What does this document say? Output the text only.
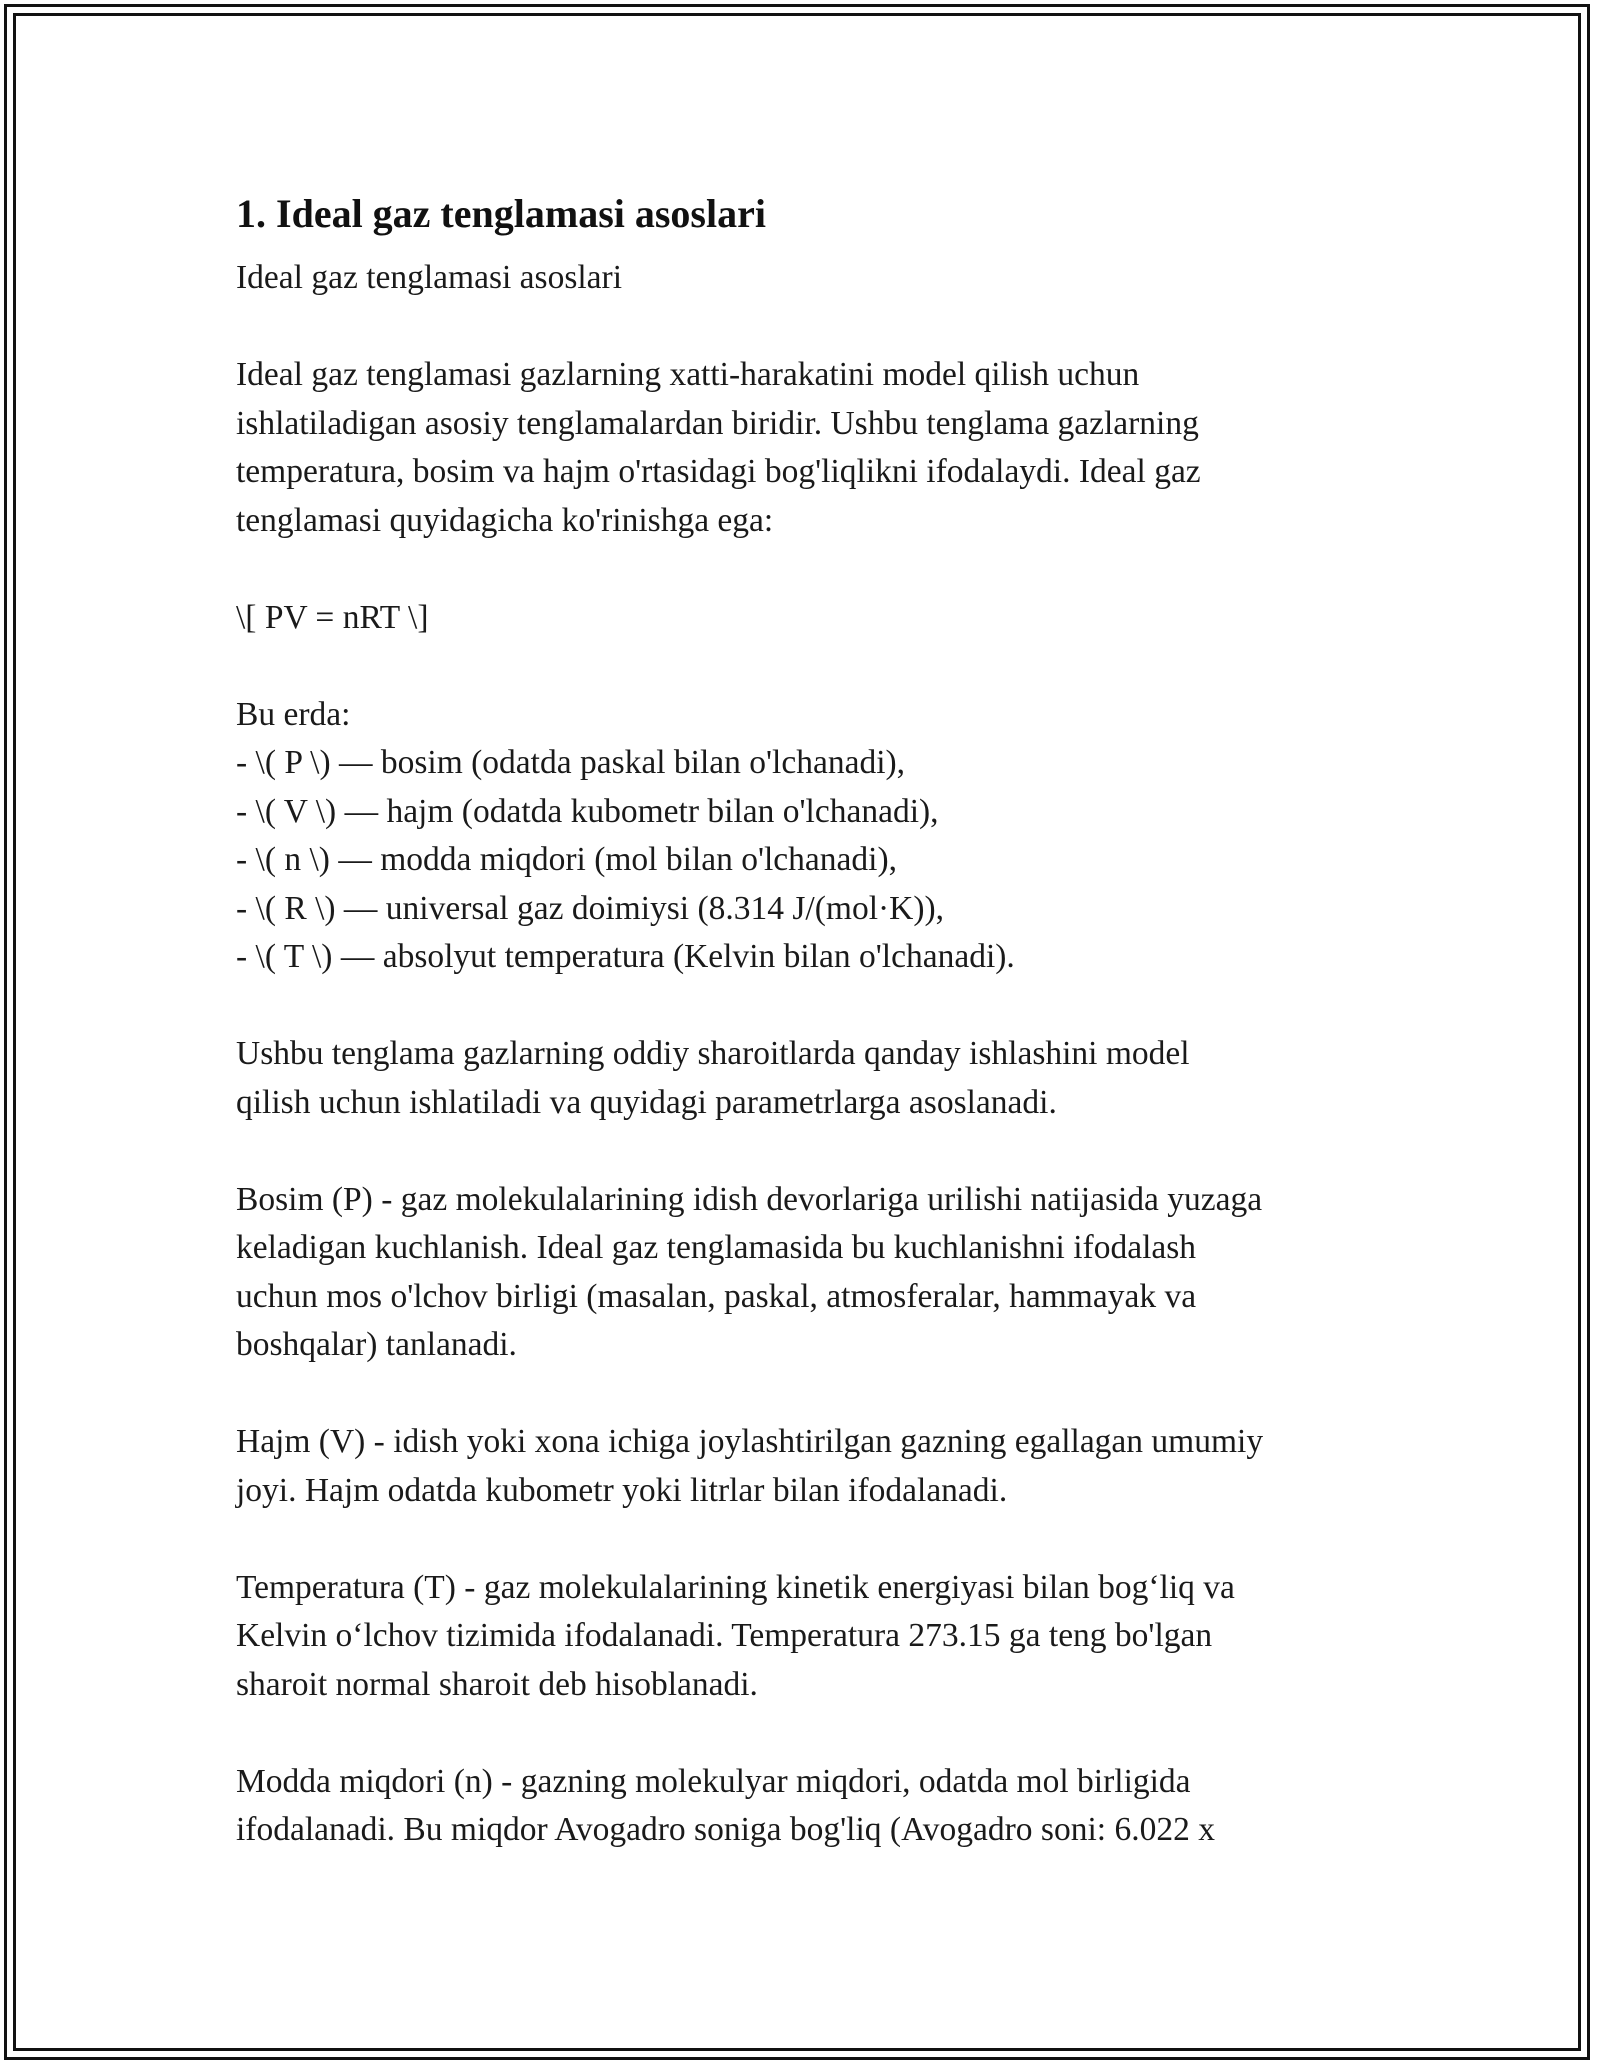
1. Ideal gaz tenglamasi asoslari

Ideal gaz tenglamasi asoslari

Ideal gaz tenglamasi gazlarning xatti-harakatini model qilish uchun
ishlatiladigan asosiy tenglamalardan biridir. Ushbu tenglama gazlarning
temperatura, bosim va hajm o'rtasidagi bog'liqlikni ifodalaydi. Ideal gaz
tenglamasi quyidagicha ko'rinishga ega:

\[ PV = nRT \]

Bu erda:
- \( P \) — bosim (odatda paskal bilan o'lchanadi),
- \( V \) — hajm (odatda kubometr bilan o'lchanadi),
- \( n \) — modda miqdori (mol bilan o'lchanadi),
- \( R \) — universal gaz doimiysi (8.314 J/(mol·K)),
- \( T \) — absolyut temperatura (Kelvin bilan o'lchanadi).

Ushbu tenglama gazlarning oddiy sharoitlarda qanday ishlashini model
qilish uchun ishlatiladi va quyidagi parametrlarga asoslanadi.

Bosim (P) - gaz molekulalarining idish devorlariga urilishi natijasida yuzaga
keladigan kuchlanish. Ideal gaz tenglamasida bu kuchlanishni ifodalash
uchun mos o'lchov birligi (masalan, paskal, atmosferalar, hammayak va
boshqalar) tanlanadi.

Hajm (V) - idish yoki xona ichiga joylashtirilgan gazning egallagan umumiy
joyi. Hajm odatda kubometr yoki litrlar bilan ifodalanadi.

Temperatura (T) - gaz molekulalarining kinetik energiyasi bilan bog‘liq va
Kelvin o‘lchov tizimida ifodalanadi. Temperatura 273.15 ga teng bo'lgan
sharoit normal sharoit deb hisoblanadi.

Modda miqdori (n) - gazning molekulyar miqdori, odatda mol birligida
ifodalanadi. Bu miqdor Avogadro soniga bog'liq (Avogadro soni: 6.022 x
